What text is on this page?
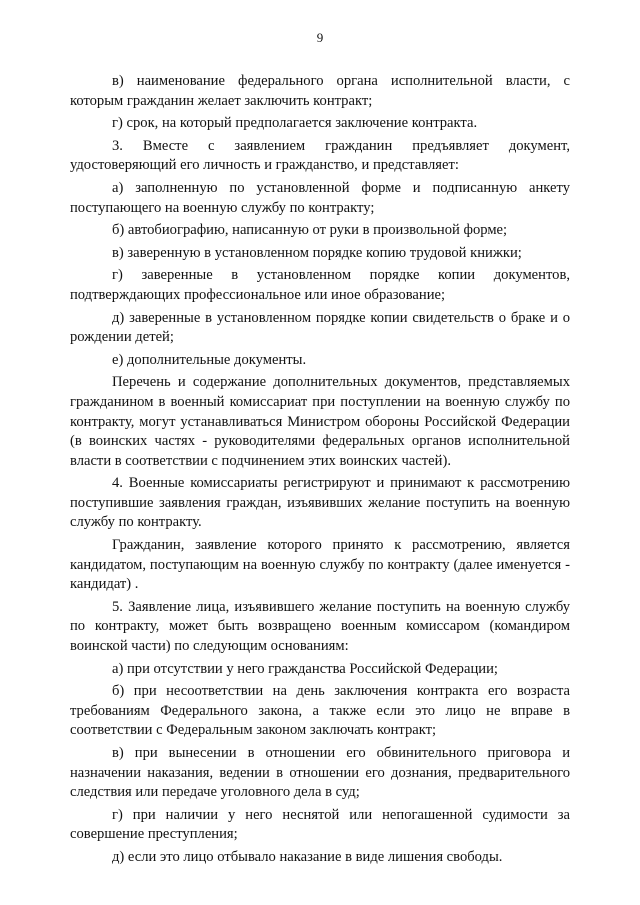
9

в) наименование федерального органа исполнительной власти, с которым гражданин желает заключить контракт;

г) срок, на который предполагается заключение контракта.

3. Вместе с заявлением гражданин предъявляет документ, удостоверяющий его личность и гражданство, и представляет:

а) заполненную по установленной форме и подписанную анкету поступающего на военную службу по контракту;

б) автобиографию, написанную от руки в произвольной форме;

в) заверенную в установленном порядке копию трудовой книжки;

г) заверенные в установленном порядке копии документов, подтверждающих профессиональное или иное образование;

д) заверенные в установленном порядке копии свидетельств о браке и о рождении детей;

е) дополнительные документы.

Перечень и содержание дополнительных документов, представляемых гражданином в военный комиссариат при поступлении на военную службу по контракту, могут устанавливаться Министром обороны Российской Федерации (в воинских частях - руководителями федеральных органов исполнительной власти в соответствии с подчинением этих воинских частей).

4. Военные комиссариаты регистрируют и принимают к рассмотрению поступившие заявления граждан, изъявивших желание поступить на военную службу по контракту.

Гражданин, заявление которого принято к рассмотрению, является кандидатом, поступающим на военную службу по контракту (далее именуется - кандидат) .

5. Заявление лица, изъявившего желание поступить на военную службу по контракту, может быть возвращено военным комиссаром (командиром воинской части) по следующим основаниям:

а) при отсутствии у него гражданства Российской Федерации;

б) при несоответствии на день заключения контракта его возраста требованиям Федерального закона, а также если это лицо не вправе в соответствии с Федеральным законом заключать контракт;

в) при вынесении в отношении его обвинительного приговора и назначении наказания, ведении в отношении его дознания, предварительного следствия или передаче уголовного дела в суд;

г) при наличии у него неснятой или непогашенной судимости за совершение преступления;

д) если это лицо отбывало наказание в виде лишения свободы.
